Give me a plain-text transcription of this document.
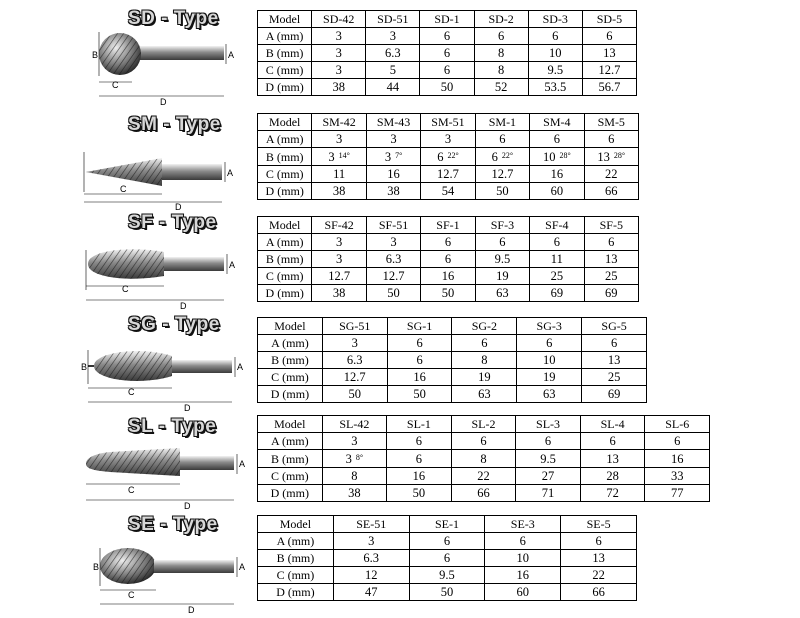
SD - Type
B	A
C
D
Model	SD-42	SD-51	SD-1	SD-2	SD-3	SD-5
A (mm)	3	3	6	6	6	6
B (mm)	3	6.3	6	8	10	13
C (mm)	3	5	6	8	9.5	12.7
D (mm)	38	44	50	52	53.5	56.7
SM - Type
A
C
D
Model	SM-42	SM-43	SM-51	SM-1	SM-4	SM-5
A (mm)	3	3	3	6	6	6
B (mm)	3 $^{14^\circ}$	3 $^{7^\circ}$	6 $^{22^\circ}$	6 $^{22^\circ}$	10 $^{28^\circ}$	13 $^{28^\circ}$
C (mm)	11	16	12.7	12.7	16	22
D (mm)	38	38	54	50	60	66
SF - Type
A
C
D
Model	SF-42	SF-51	SF-1	SF-3	SF-4	SF-5
A (mm)	3	3	6	6	6	6
B (mm)	3	6.3	6	9.5	11	13
C (mm)	12.7	12.7	16	19	25	25
D (mm)	38	50	50	63	69	69
SG - Type
B	A
C
D
Model	SG-51	SG-1	SG-2	SG-3	SG-5
A (mm)	3	6	6	6	6
B (mm)	6.3	6	8	10	13
C (mm)	12.7	16	19	19	25
D (mm)	50	50	63	63	69
SL - Type
A
C
D
Model	SL-42	SL-1	SL-2	SL-3	SL-4	SL-6
A (mm)	3	6	6	6	6	6
B (mm)	3 $^{8^\circ}$	6	8	9.5	13	16
C (mm)	8	16	22	27	28	33
D (mm)	38	50	66	71	72	77
SE - Type
B	A
C
D
Model	SE-51	SE-1	SE-3	SE-5
A (mm)	3	6	6	6
B (mm)	6.3	6	10	13
C (mm)	12	9.5	16	22
D (mm)	47	50	60	66
